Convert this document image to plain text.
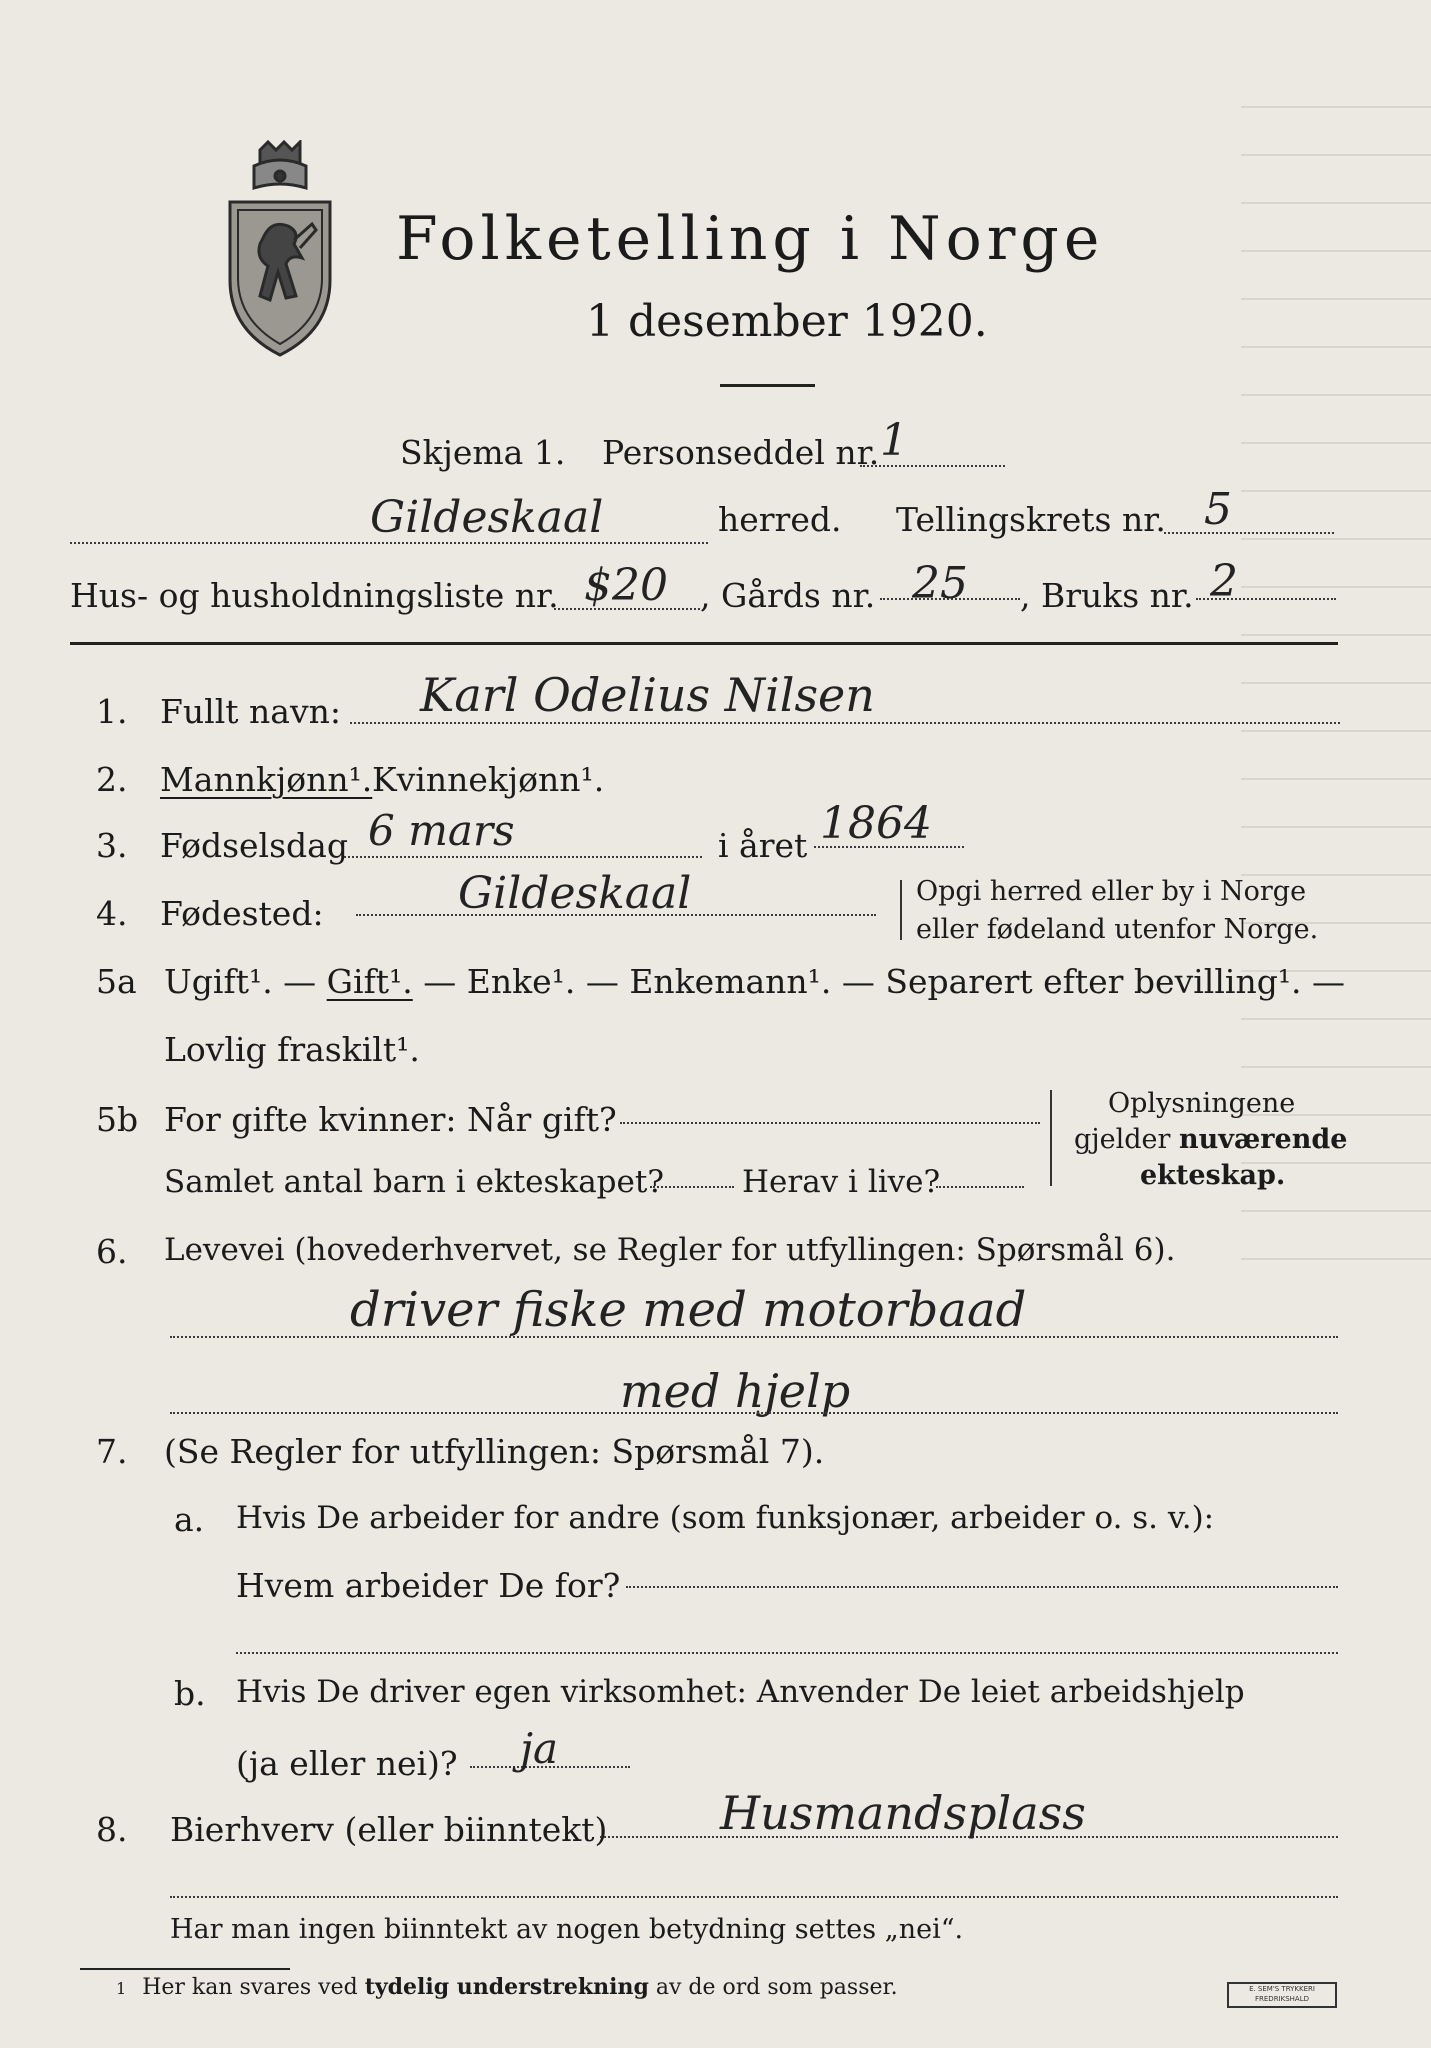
Folketelling i Norge
1 desember 1920.
Skjema 1. Personseddel nr. 1
Gildeskaal	herred. Tellingskrets nr. 5
Hus- og husholdningsliste nr. $20 , Gårds nr. 25 , Bruks nr. 2
1. Fullt navn: Karl Odelius Nilsen
2. Mannkjønn¹. Kvinnekjønn¹.
3. Fødselsdag 6 mars	i året 1864
4. Fødested:	Gildeskaal	Opgi herred eller by i Norge
eller fødeland utenfor Norge.
5a Ugift¹. — Gift¹. — Enke¹. — Enkemann¹. — Separert efter bevilling¹. —
Lovlig fraskilt¹.
5b For gifte kvinner: Når gift?
Samlet antal barn i ekteskapet?	Herav i live?
Oplysningene
gjelder nuværende
ekteskap.
6. Levevei (hovederhvervet, se Regler for utfyllingen: Spørsmål 6).
driver fiske med motorbaad
med hjelp
7. (Se Regler for utfyllingen: Spørsmål 7).
a. Hvis De arbeider for andre (som funksjonær, arbeider o. s. v.):
Hvem arbeider De for?
b. Hvis De driver egen virksomhet: Anvender De leiet arbeidshjelp
(ja eller nei)? ja
8. Bierhverv (eller biinntekt) Husmandsplass
Har man ingen biinntekt av nogen betydning settes „nei“.
1 Her kan svares ved tydelig understrekning av de ord som passer.	E. SEM'S TRYKKERI
FREDRIKSHALD
